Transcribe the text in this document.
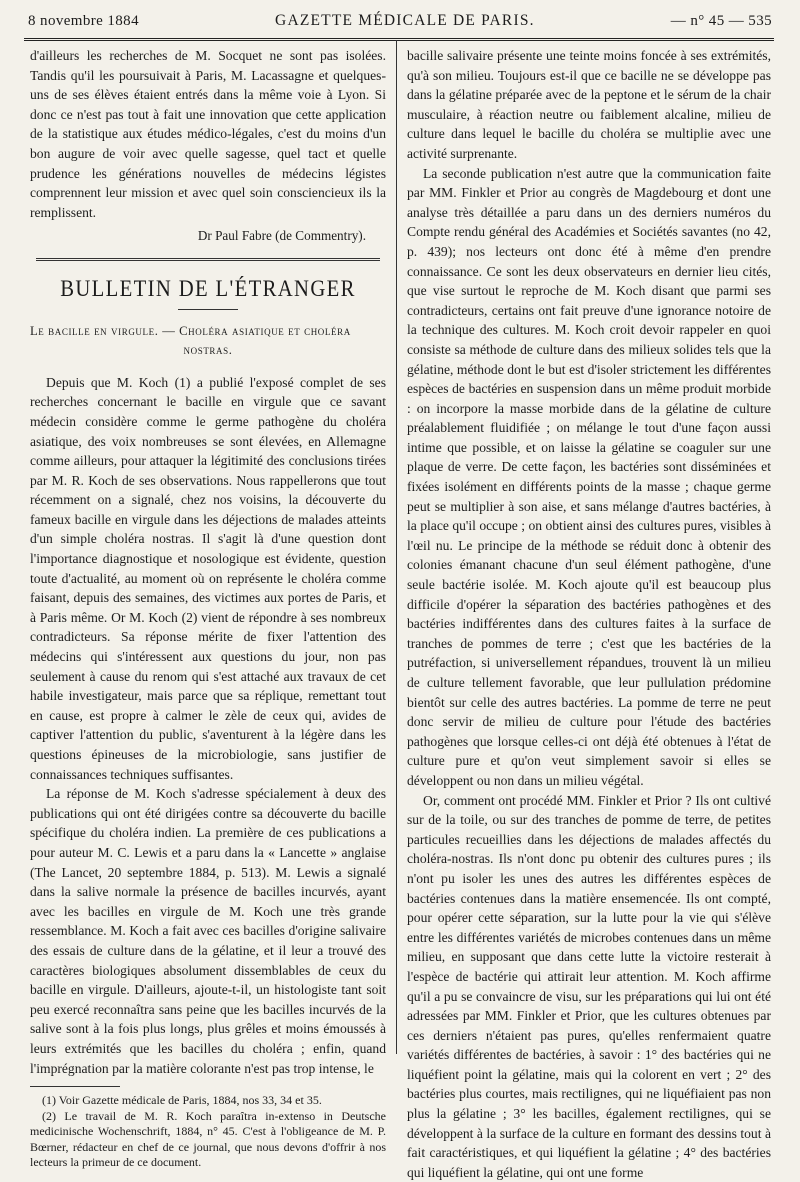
8 novembre 1884	GAZETTE MÉDICALE DE PARIS.	— n° 45 — 535

d'ailleurs les recherches de M. Socquet ne sont pas isolées. Tandis qu'il les poursuivait à Paris, M. Lacassagne et quelques-uns de ses élèves étaient entrés dans la même voie à Lyon. Si donc ce n'est pas tout à fait une innovation que cette application de la statistique aux études médico-légales, c'est du moins d'un bon augure de voir avec quelle sagesse, quel tact et quelle prudence les générations nouvelles de médecins légistes comprennent leur mission et avec quel soin consciencieux ils la remplissent.

Dr Paul Fabre (de Commentry).
BULLETIN DE L'ÉTRANGER
Le bacille en virgule. — Choléra asiatique et choléra
nostras.

Depuis que M. Koch (1) a publié l'exposé complet de ses recherches concernant le bacille en virgule que ce savant médecin considère comme le germe pathogène du choléra asiatique, des voix nombreuses se sont élevées, en Allemagne comme ailleurs, pour attaquer la légitimité des conclusions tirées par M. R. Koch de ses observations. Nous rappellerons que tout récemment on a signalé, chez nos voisins, la découverte du fameux bacille en virgule dans les déjections de malades atteints d'un simple choléra nostras. Il s'agit là d'une question dont l'importance diagnostique et nosologique est évidente, question toute d'actualité, au moment où on représente le choléra comme faisant, depuis des semaines, des victimes aux portes de Paris, et à Paris même. Or M. Koch (2) vient de répondre à ses nombreux contradicteurs. Sa réponse mérite de fixer l'attention des médecins qui s'intéressent aux questions du jour, non pas seulement à cause du renom qui s'est attaché aux travaux de cet habile investigateur, mais parce que sa réplique, remettant tout en cause, est propre à calmer le zèle de ceux qui, avides de captiver l'attention du public, s'aventurent à la légère dans les questions épineuses de la microbiologie, sans justifier de connaissances techniques suffisantes.

La réponse de M. Koch s'adresse spécialement à deux des publications qui ont été dirigées contre sa découverte du bacille spécifique du choléra indien. La première de ces publications a pour auteur M. C. Lewis et a paru dans la « Lancette » anglaise (The Lancet, 20 septembre 1884, p. 513). M. Lewis a signalé dans la salive normale la présence de bacilles incurvés, ayant avec les bacilles en virgule de M. Koch une très grande ressemblance. M. Koch a fait avec ces bacilles d'origine salivaire des essais de culture dans de la gélatine, et il leur a trouvé des caractères biologiques absolument dissemblables de ceux du bacille en virgule. D'ailleurs, ajoute-t-il, un histologiste tant soit peu exercé reconnaîtra sans peine que les bacilles incurvés de la salive sont à la fois plus longs, plus grêles et moins émoussés à leurs extrémités que les bacilles du choléra ; enfin, quand l'imprégnation par la matière colorante n'est pas trop intense, le

(1) Voir Gazette médicale de Paris, 1884, nos 33, 34 et 35.

(2) Le travail de M. R. Koch paraîtra in-extenso in Deutsche medicinische Wochenschrift, 1884, n° 45. C'est à l'obligeance de M. P. Bœrner, rédacteur en chef de ce journal, que nous devons d'offrir à nos lecteurs la primeur de ce document.

bacille salivaire présente une teinte moins foncée à ses extrémités, qu'à son milieu. Toujours est-il que ce bacille ne se développe pas dans la gélatine préparée avec de la peptone et le sérum de la chair musculaire, à réaction neutre ou faiblement alcaline, milieu de culture dans lequel le bacille du choléra se multiplie avec une activité surprenante.

La seconde publication n'est autre que la communication faite par MM. Finkler et Prior au congrès de Magdebourg et dont une analyse très détaillée a paru dans un des derniers numéros du Compte rendu général des Académies et Sociétés savantes (no 42, p. 439); nos lecteurs ont donc été à même d'en prendre connaissance. Ce sont les deux observateurs en dernier lieu cités, que vise surtout le reproche de M. Koch disant que parmi ses contradicteurs, certains ont fait preuve d'une ignorance notoire de la technique des cultures. M. Koch croit devoir rappeler en quoi consiste sa méthode de culture dans des milieux solides tels que la gélatine, méthode dont le but est d'isoler strictement les différentes espèces de bactéries en suspension dans un même produit morbide : on incorpore la masse morbide dans de la gélatine de culture préalablement fluidifiée ; on mélange le tout d'une façon aussi intime que possible, et on laisse la gélatine se coaguler sur une plaque de verre. De cette façon, les bactéries sont disséminées et fixées isolément en différents points de la masse ; chaque germe peut se multiplier à son aise, et sans mélange d'autres bactéries, à la place qu'il occupe ; on obtient ainsi des cultures pures, visibles à l'œil nu. Le principe de la méthode se réduit donc à obtenir des colonies émanant chacune d'un seul élément pathogène, d'une seule bactérie isolée. M. Koch ajoute qu'il est beaucoup plus difficile d'opérer la séparation des bactéries pathogènes et des bactéries indifférentes dans des cultures faites à la surface de tranches de pommes de terre ; c'est que les bactéries de la putréfaction, si universellement répandues, trouvent là un milieu de culture tellement favorable, que leur pullulation prédomine bientôt sur celle des autres bactéries. La pomme de terre ne peut donc servir de milieu de culture pour l'étude des bactéries pathogènes que lorsque celles-ci ont déjà été obtenues à l'état de culture pure et qu'on veut simplement savoir si elles se développent ou non dans un milieu végétal.

Or, comment ont procédé MM. Finkler et Prior ? Ils ont cultivé sur de la toile, ou sur des tranches de pomme de terre, de petites particules recueillies dans les déjections de malades affectés du choléra-nostras. Ils n'ont donc pu obtenir des cultures pures ; ils n'ont pu isoler les unes des autres les différentes espèces de bactéries contenues dans la matière ensemencée. Ils ont compté, pour opérer cette séparation, sur la lutte pour la vie qui s'élève entre les différentes variétés de microbes contenues dans un même milieu, en supposant que dans cette lutte la victoire resterait à l'espèce de bactérie qui attirait leur attention. M. Koch affirme qu'il a pu se convaincre de visu, sur les préparations qui lui ont été adressées par MM. Finkler et Prior, que les cultures obtenues par ces derniers n'étaient pas pures, qu'elles renfermaient quatre variétés différentes de bactéries, à savoir : 1° des bactéries qui ne liquéfient point la gélatine, mais qui la colorent en vert ; 2° des bactéries plus courtes, mais rectilignes, qui ne liquéfiaient pas non plus la gélatine ; 3° les bacilles, également rectilignes, qui se développent à la surface de la culture en formant des dessins tout à fait caractéristiques, et qui liquéfient la gélatine ; 4° des bactéries qui liquéfient la gélatine, qui ont une forme
